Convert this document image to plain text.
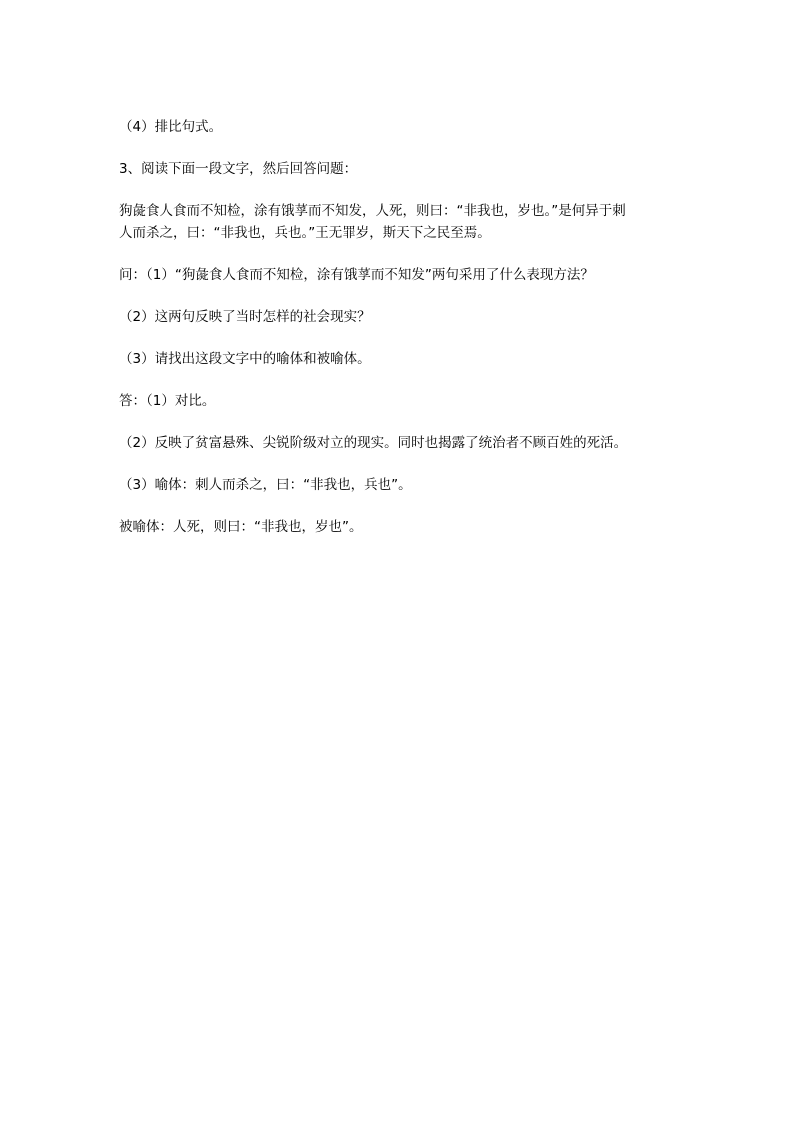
（4）排比句式。

3、阅读下面一段文字，然后回答问题：

狗彘食人食而不知检，涂有饿莩而不知发，人死，则曰：“非我也，岁也。”是何异于刺人而杀之，曰：“非我也，兵也。”王无罪岁，斯天下之民至焉。

问：（1）“狗彘食人食而不知检，涂有饿莩而不知发”两句采用了什么表现方法？

（2）这两句反映了当时怎样的社会现实？

（3）请找出这段文字中的喻体和被喻体。

答：（1）对比。

（2）反映了贫富悬殊、尖锐阶级对立的现实。同时也揭露了统治者不顾百姓的死活。

（3）喻体：刺人而杀之，曰：“非我也，兵也”。

被喻体：人死，则曰：“非我也，岁也”。
